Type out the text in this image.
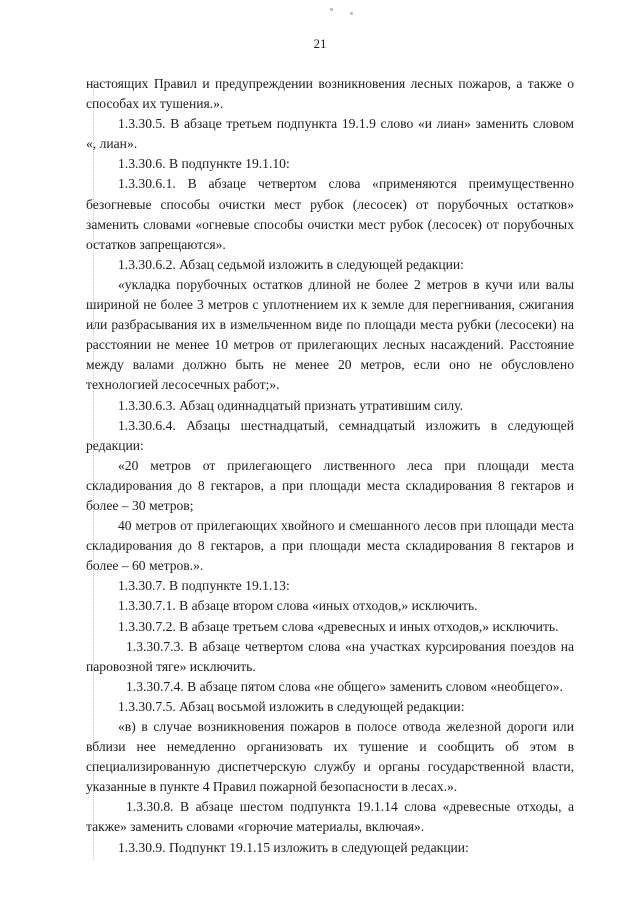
21

настоящих Правил и предупреждении возникновения лесных пожаров, а также о способах их тушения.».

1.3.30.5. В абзаце третьем подпункта 19.1.9 слово «и лиан» заменить словом «, лиан».

1.3.30.6. В подпункте 19.1.10:

1.3.30.6.1. В абзаце четвертом слова «применяются преимущественно безогневые способы очистки мест рубок (лесосек) от порубочных остатков» заменить словами «огневые способы очистки мест рубок (лесосек) от порубочных остатков запрещаются».

1.3.30.6.2. Абзац седьмой изложить в следующей редакции:

«укладка порубочных остатков длиной не более 2 метров в кучи или валы шириной не более 3 метров с уплотнением их к земле для перегнивания, сжигания или разбрасывания их в измельченном виде по площади места рубки (лесосеки) на расстоянии не менее 10 метров от прилегающих лесных насаждений. Расстояние между валами должно быть не менее 20 метров, если оно не обусловлено технологией лесосечных работ;».

1.3.30.6.3. Абзац одиннадцатый признать утратившим силу.

1.3.30.6.4. Абзацы шестнадцатый, семнадцатый изложить в следующей редакции:

«20 метров от прилегающего лиственного леса при площади места складирования до 8 гектаров, а при площади места складирования 8 гектаров и более – 30 метров;

40 метров от прилегающих хвойного и смешанного лесов при площади места складирования до 8 гектаров, а при площади места складирования 8 гектаров и более – 60 метров.».

1.3.30.7. В подпункте 19.1.13:

1.3.30.7.1. В абзаце втором слова «иных отходов,» исключить.

1.3.30.7.2. В абзаце третьем слова «древесных и иных отходов,» исключить.

1.3.30.7.3. В абзаце четвертом слова «на участках курсирования поездов на паровозной тяге» исключить.

1.3.30.7.4. В абзаце пятом слова «не общего» заменить словом «необщего».

1.3.30.7.5. Абзац восьмой изложить в следующей редакции:

«в) в случае возникновения пожаров в полосе отвода железной дороги или вблизи нее немедленно организовать их тушение и сообщить об этом в специализированную диспетчерскую службу и органы государственной власти, указанные в пункте 4 Правил пожарной безопасности в лесах.».

1.3.30.8. В абзаце шестом подпункта 19.1.14 слова «древесные отходы, а также» заменить словами «горючие материалы, включая».

1.3.30.9. Подпункт 19.1.15 изложить в следующей редакции:
